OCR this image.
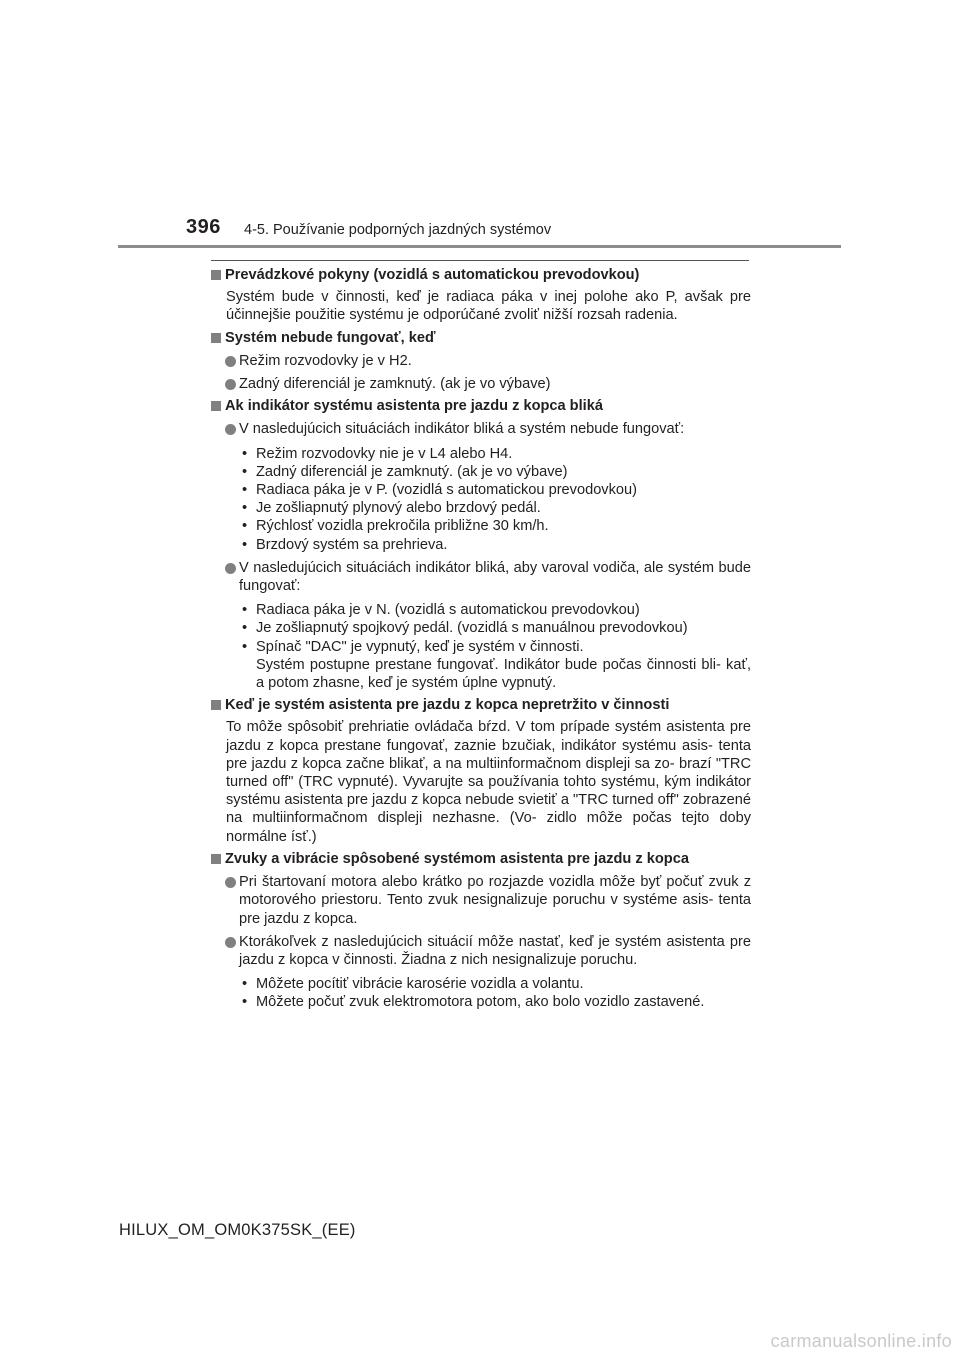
396 4-5. Používanie podporných jazdných systémov
Prevádzkové pokyny (vozidlá s automatickou prevodovkou)
Systém bude v činnosti, keď je radiaca páka v inej polohe ako P, avšak pre účinnejšie použitie systému je odporúčané zvoliť nižší rozsah radenia.
Systém nebude fungovať, keď
Režim rozvodovky je v H2.
Zadný diferenciál je zamknutý. (ak je vo výbave)
Ak indikátor systému asistenta pre jazdu z kopca bliká
V nasledujúcich situáciách indikátor bliká a systém nebude fungovať:
• Režim rozvodovky nie je v L4 alebo H4.
• Zadný diferenciál je zamknutý. (ak je vo výbave)
• Radiaca páka je v P. (vozidlá s automatickou prevodovkou)
• Je zošliapnutý plynový alebo brzdový pedál.
• Rýchlosť vozidla prekročila približne 30 km/h.
• Brzdový systém sa prehrieva.
V nasledujúcich situáciách indikátor bliká, aby varoval vodiča, ale systém bude fungovať:
• Radiaca páka je v N. (vozidlá s automatickou prevodovkou)
• Je zošliapnutý spojkový pedál. (vozidlá s manuálnou prevodovkou)
• Spínač "DAC" je vypnutý, keď je systém v činnosti.
Systém postupne prestane fungovať. Indikátor bude počas činnosti bli- kať, a potom zhasne, keď je systém úplne vypnutý.
Keď je systém asistenta pre jazdu z kopca nepretržito v činnosti
To môže spôsobiť prehriatie ovládača bŕzd. V tom prípade systém asistenta pre jazdu z kopca prestane fungovať, zaznie bzučiak, indikátor systému asis- tenta pre jazdu z kopca začne blikať, a na multiinformačnom displeji sa zo- brazí "TRC turned off" (TRC vypnuté). Vyvarujte sa používania tohto systému, kým indikátor systému asistenta pre jazdu z kopca nebude svietiť a "TRC turned off" zobrazené na multiinformačnom displeji nezhasne. (Vo- zidlo môže počas tejto doby normálne ísť.)
Zvuky a vibrácie spôsobené systémom asistenta pre jazdu z kopca
Pri štartovaní motora alebo krátko po rozjazde vozidla môže byť počuť zvuk z motorového priestoru. Tento zvuk nesignalizuje poruchu v systéme asis- tenta pre jazdu z kopca.
Ktorákoľvek z nasledujúcich situácií môže nastať, keď je systém asistenta pre jazdu z kopca v činnosti. Žiadna z nich nesignalizuje poruchu.
• Môžete pocítiť vibrácie karosérie vozidla a volantu.
• Môžete počuť zvuk elektromotora potom, ako bolo vozidlo zastavené.
HILUX_OM_OM0K375SK_(EE)
carmanualsonline.info
